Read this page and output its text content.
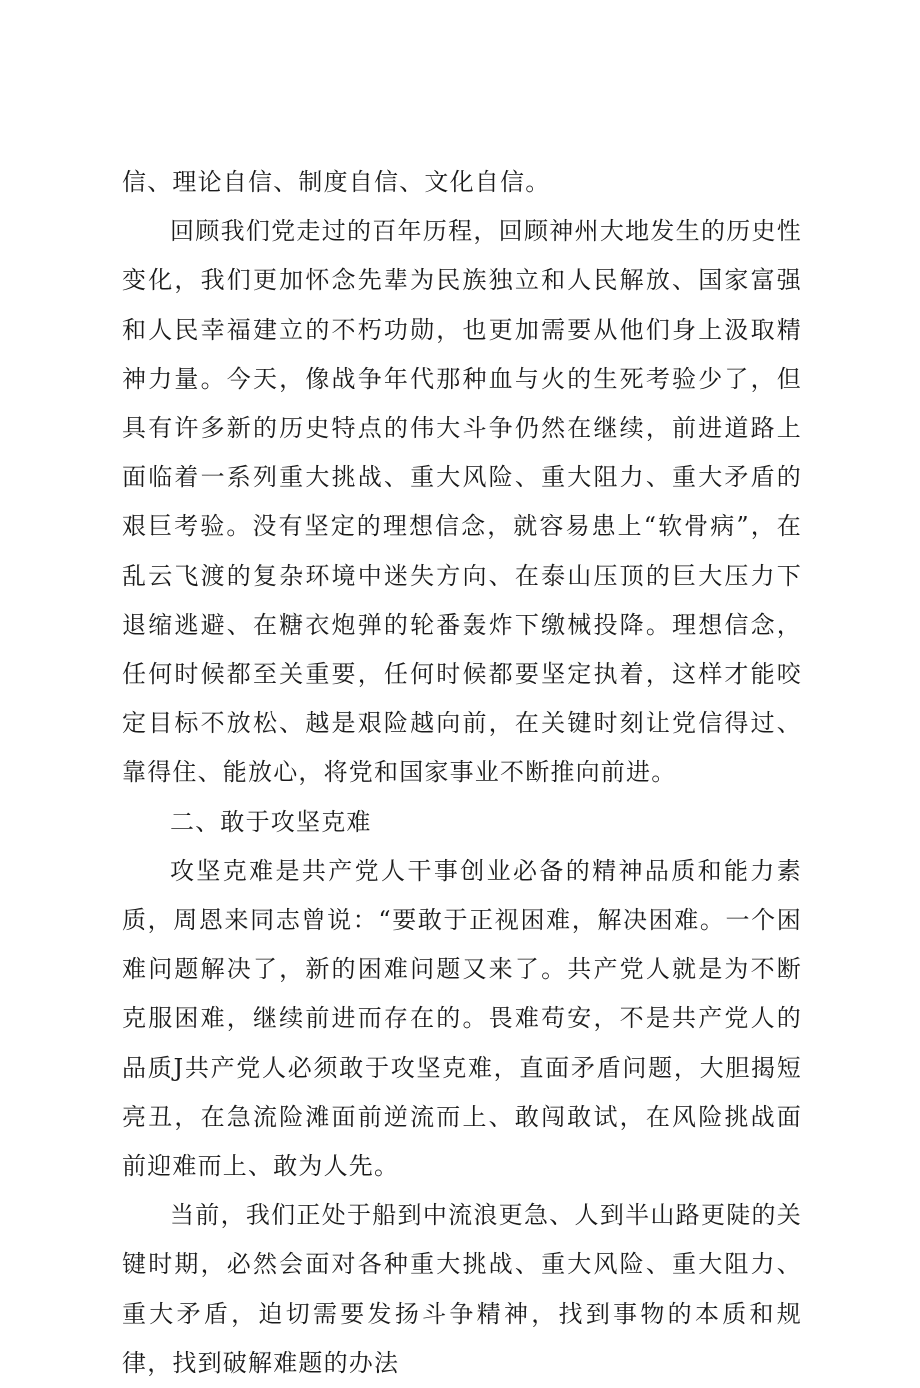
信、理论自信、制度自信、文化自信。

回顾我们党走过的百年历程，回顾神州大地发生的历史性变化，我们更加怀念先辈为民族独立和人民解放、国家富强和人民幸福建立的不朽功勋，也更加需要从他们身上汲取精神力量。今天，像战争年代那种血与火的生死考验少了，但具有许多新的历史特点的伟大斗争仍然在继续，前进道路上面临着一系列重大挑战、重大风险、重大阻力、重大矛盾的艰巨考验。没有坚定的理想信念，就容易患上“软骨病”，在乱云飞渡的复杂环境中迷失方向、在泰山压顶的巨大压力下退缩逃避、在糖衣炮弹的轮番轰炸下缴械投降。理想信念，任何时候都至关重要，任何时候都要坚定执着，这样才能咬定目标不放松、越是艰险越向前，在关键时刻让党信得过、靠得住、能放心，将党和国家事业不断推向前进。

二、敢于攻坚克难

攻坚克难是共产党人干事创业必备的精神品质和能力素质，周恩来同志曾说：“要敢于正视困难，解决困难。一个困难问题解决了，新的困难问题又来了。共产党人就是为不断克服困难，继续前进而存在的。畏难苟安，不是共产党人的品质J共产党人必须敢于攻坚克难，直面矛盾问题，大胆揭短亮丑，在急流险滩面前逆流而上、敢闯敢试，在风险挑战面前迎难而上、敢为人先。

当前，我们正处于船到中流浪更急、人到半山路更陡的关键时期，必然会面对各种重大挑战、重大风险、重大阻力、重大矛盾，迫切需要发扬斗争精神，找到事物的本质和规律，找到破解难题的办法
